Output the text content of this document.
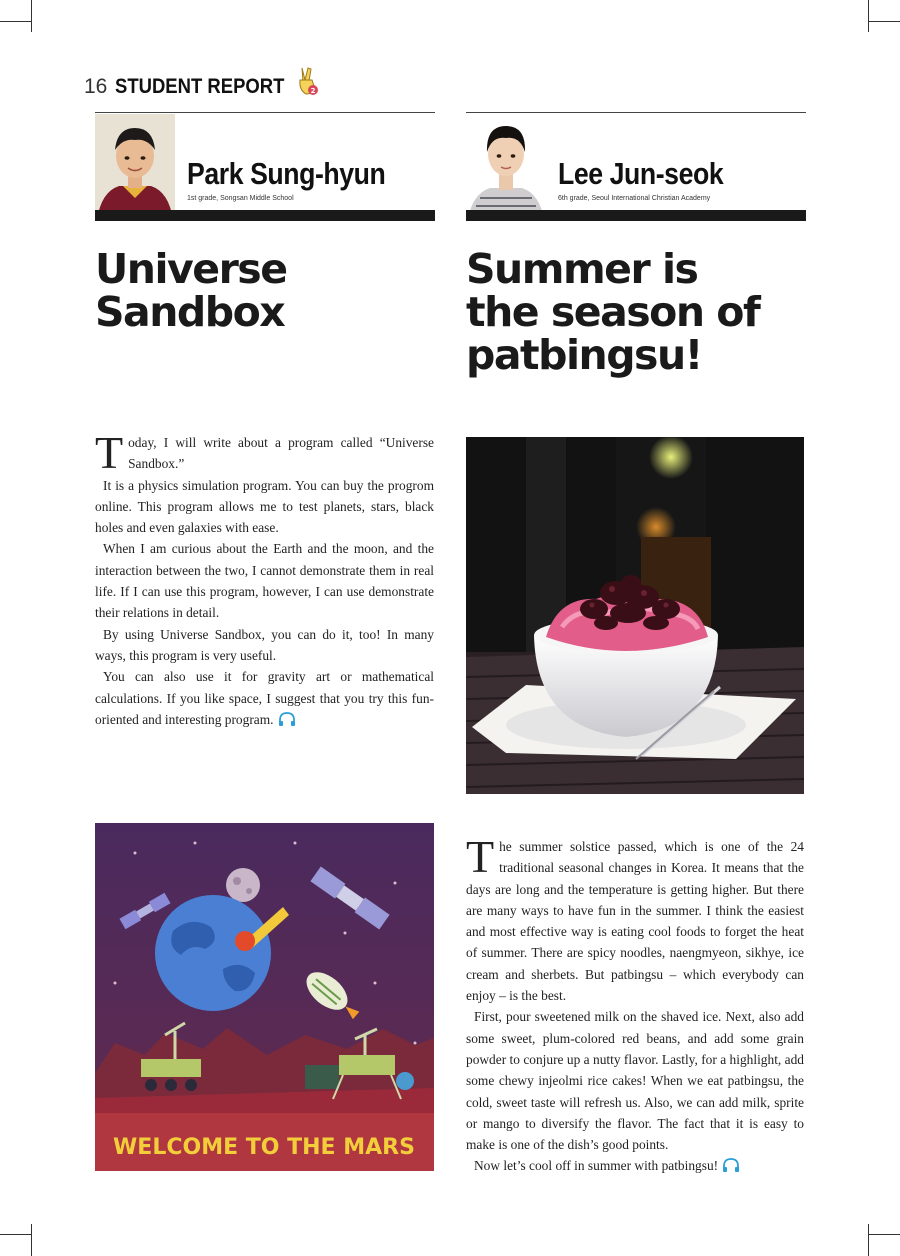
16 STUDENT REPORT	2
Park Sung-hyun
1st grade, Songsan Middle School
Lee Jun-seok
6th grade, Seoul International Christian Academy
Universe
Sandbox
Summer is
the season of
patbingsu!

Today, I will write about a program called “Universe Sandbox.”

It is a physics simulation program. You can buy the progrom online. This program allows me to test planets, stars, black holes and even galaxies with ease.

When I am curious about the Earth and the moon, and the interaction between the two, I cannot demonstrate them in real life. If I can use this program, however, I can use demonstrate their relations in detail.

By using Universe Sandbox, you can do it, too! In many ways, this program is very useful.

You can also use it for gravity art or mathematical calculations. If you like space, I suggest that you try this fun-oriented and interesting program.

WELCOME TO THE MARS

The summer solstice passed, which is one of the 24 traditional seasonal changes in Korea. It means that the days are long and the temperature is getting higher. But there are many ways to have fun in the summer. I think the easiest and most effective way is eating cool foods to forget the heat of summer. There are spicy noodles, naengmyeon, sikhye, ice cream and sherbets. But patbingsu – which everybody can enjoy – is the best.

First, pour sweetened milk on the shaved ice. Next, also add some sweet, plum-colored red beans, and add some grain powder to conjure up a nutty flavor. Lastly, for a highlight, add some chewy injeolmi rice cakes! When we eat patbingsu, the cold, sweet taste will refresh us. Also, we can add milk, sprite or mango to diversify the flavor. The fact that it is easy to make is one of the dish’s good points.

Now let’s cool off in summer with patbingsu!
